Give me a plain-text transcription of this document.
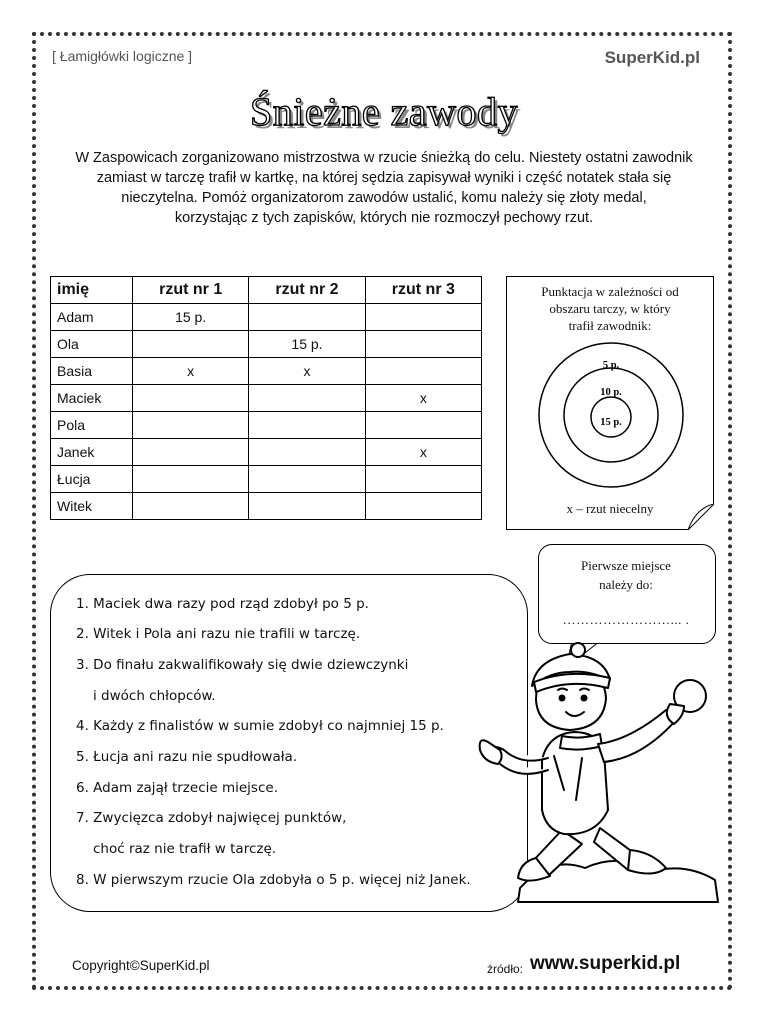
[ Łamigłówki logiczne ]	SuperKid.pl
Śnieżne zawody
W Zaspowicach zorganizowano mistrzostwa w rzucie śnieżką do celu. Niestety ostatni zawodnik
zamiast w tarczę trafił w kartkę, na której sędzia zapisywał wyniki i część notatek stała się
nieczytelna. Pomóż organizatorom zawodów ustalić, komu należy się złoty medal,
korzystając z tych zapisków, których nie rozmoczył pechowy rzut.
imię	rzut nr 1	rzut nr 2	rzut nr 3
Adam	15 p.		
Ola		15 p.	
Basia	x	x	
Maciek			x
Pola			
Janek			x
Łucja			
Witek			
5 p.
10 p.
15 p.
Punktacja w zależności od
obszaru tarczy, w który
trafił zawodnik:
x – rzut niecelny
Pierwsze miejsce
należy do:
……………………... .
1. Maciek dwa razy pod rząd zdobył po 5 p.
2. Witek i Pola ani razu nie trafili w tarczę.
3. Do finału zakwalifikowały się dwie dziewczynki
i dwóch chłopców.
4. Każdy z finalistów w sumie zdobył co najmniej 15 p.
5. Łucja ani razu nie spudłowała.
6. Adam zajął trzecie miejsce.
7. Zwycięzca zdobył najwięcej punktów,
choć raz nie trafił w tarczę.
8. W pierwszym rzucie Ola zdobyła o 5 p. więcej niż Janek.
Copyright©SuperKid.pl	źródło: www.superkid.pl
